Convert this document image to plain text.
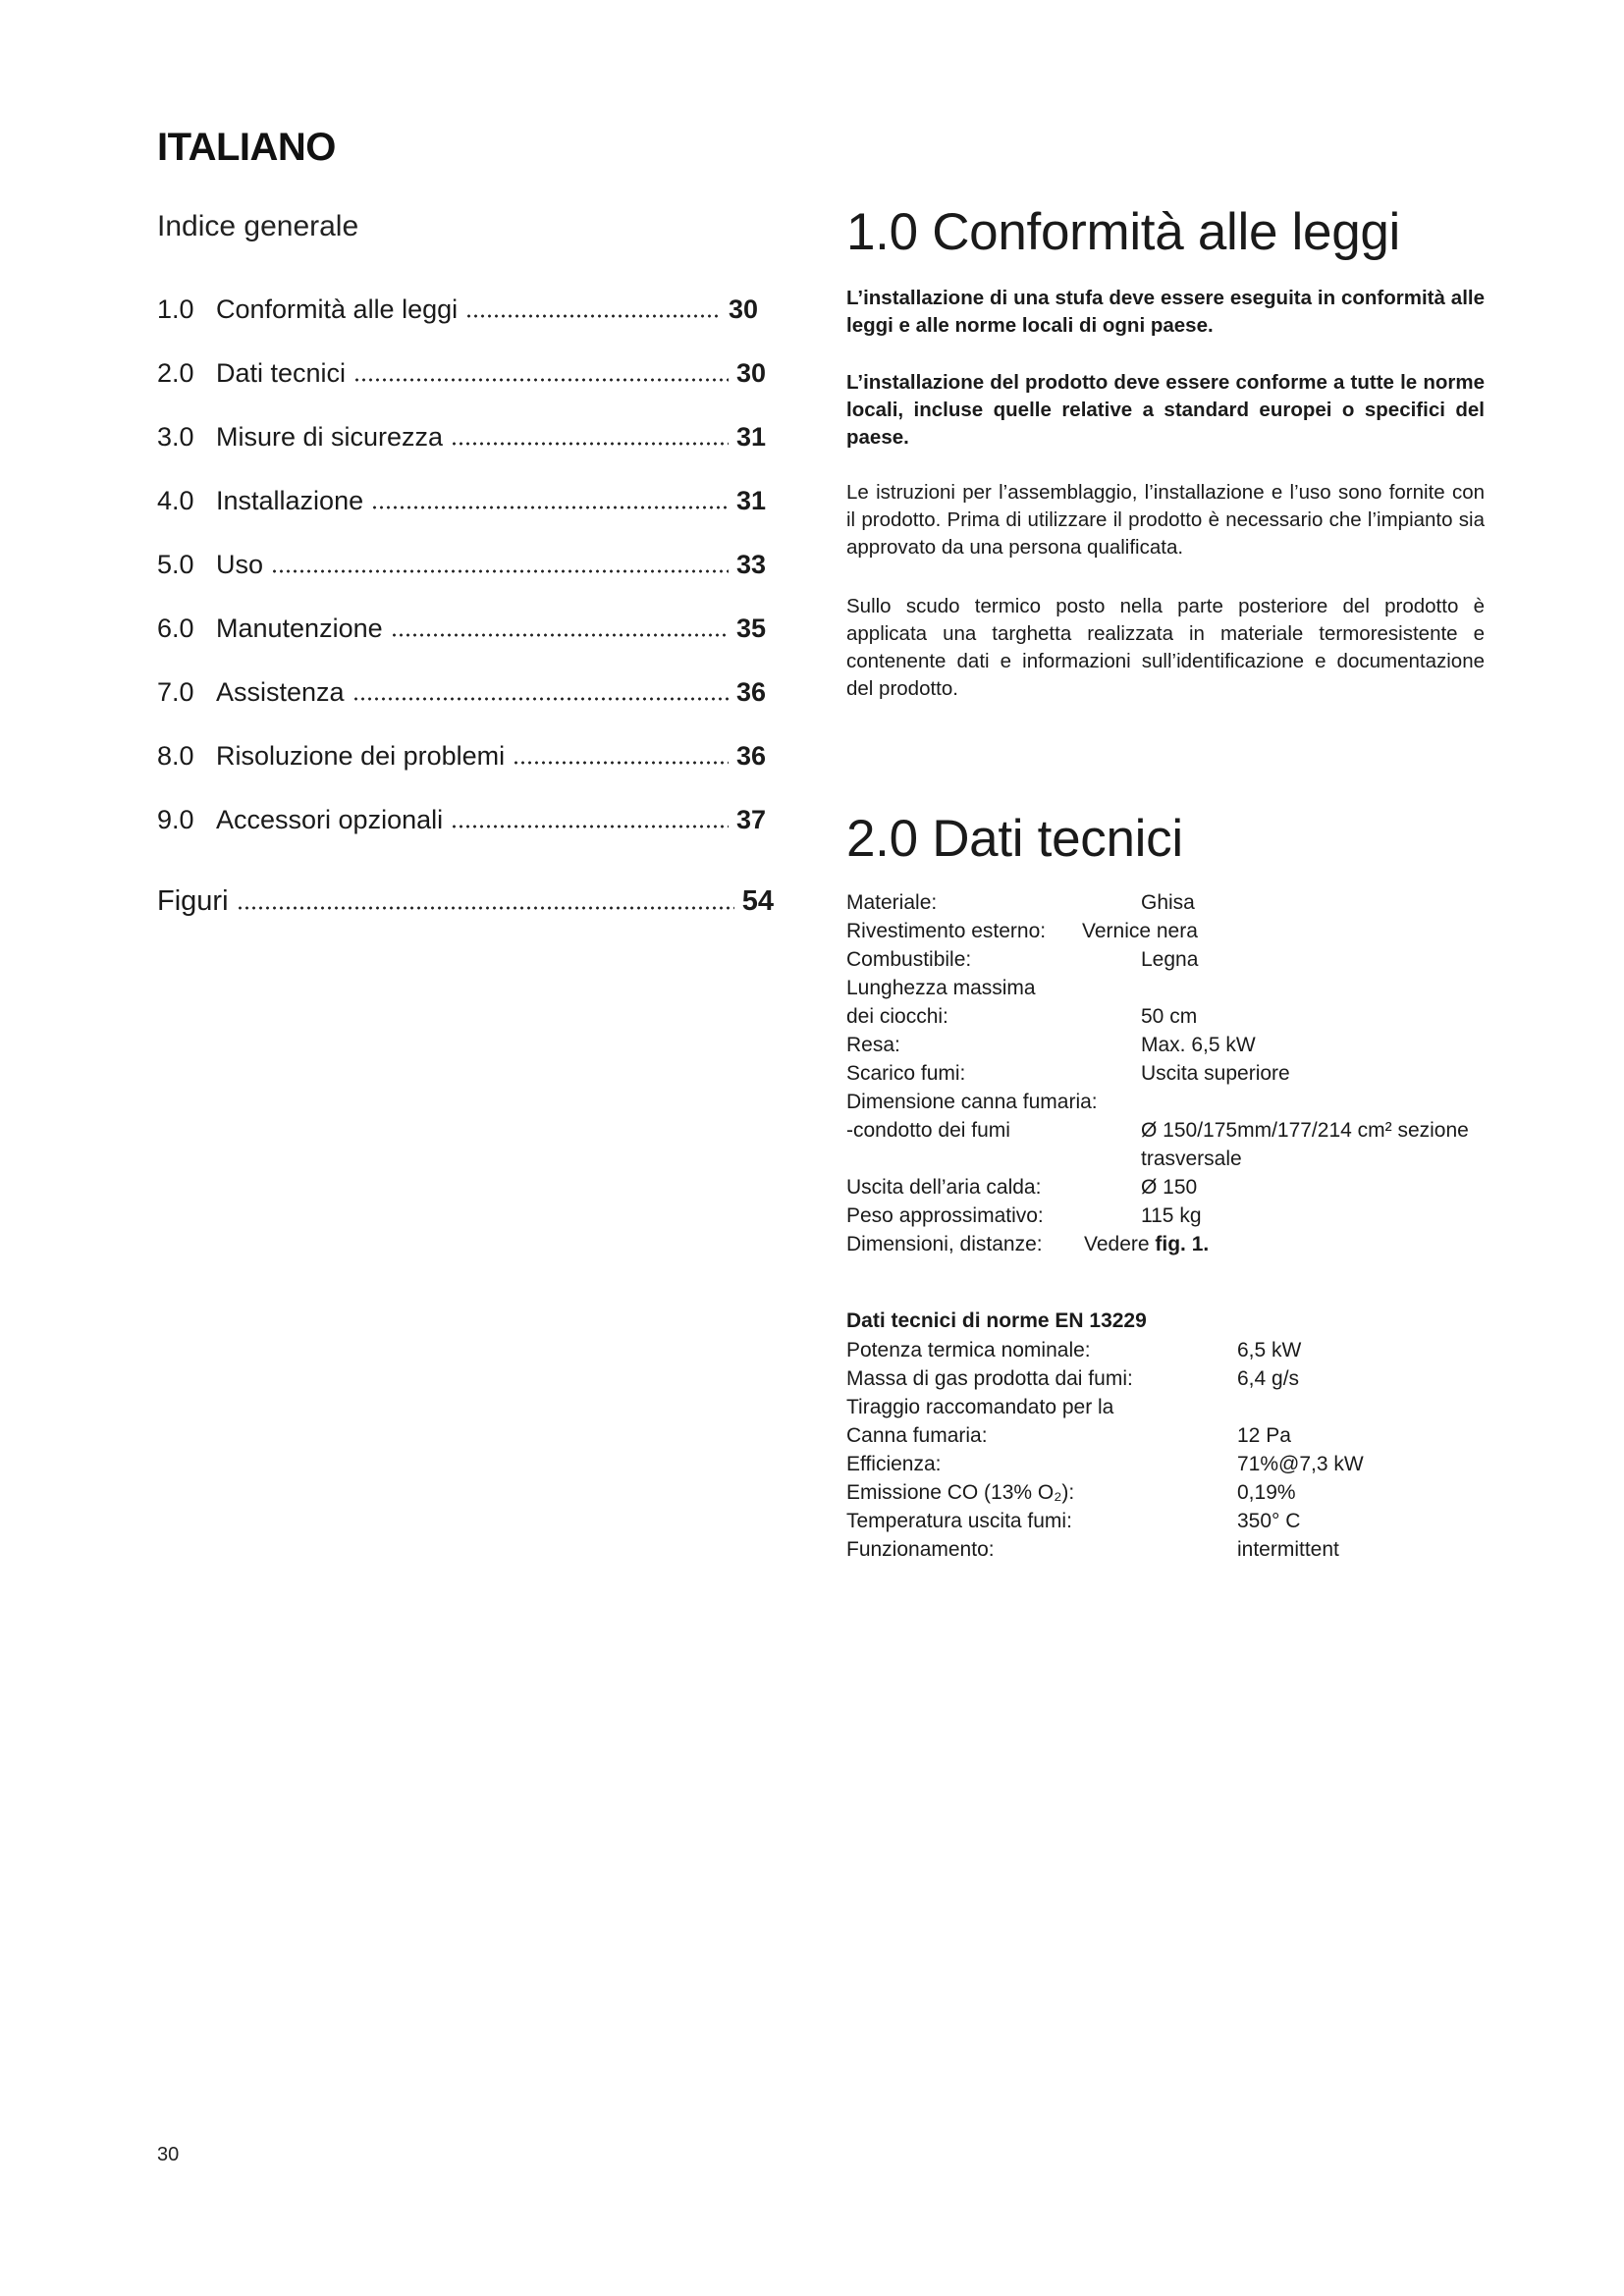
ITALIANO
Indice generale
1.0 Conformità alle leggi	30
2.0 Dati tecnici	30
3.0 Misure di sicurezza	31
4.0 Installazione	31
5.0 Uso	33
6.0 Manutenzione	35
7.0 Assistenza	36
8.0 Risoluzione dei problemi	36
9.0 Accessori opzionali	37
Figuri	54
1.0 Conformità alle leggi
L’installazione di una stufa deve essere eseguita in conformità alle leggi e alle norme locali di ogni paese.
L’installazione del prodotto deve essere conforme a tutte le norme locali, incluse quelle relative a standard europei o specifici del paese.
Le istruzioni per l’assemblaggio, l’installazione e l’uso sono fornite con il prodotto. Prima di utilizzare il prodotto è necessario che l’impianto sia approvato da una persona qualificata.
Sullo scudo termico posto nella parte posteriore del prodotto è applicata una targhetta realizzata in materiale termoresistente e contenente dati e informazioni sull’identificazione e documentazione del prodotto.
2.0 Dati tecnici
Materiale:	Ghisa
Rivestimento esterno: Vernice nera
Combustibile:	Legna
Lunghezza massima
dei ciocchi:	50 cm
Resa:	Max. 6,5 kW
Scarico fumi:	Uscita superiore
Dimensione canna fumaria:
-condotto dei fumi	Ø 150/175mm/177/214 cm² sezione
trasversale
Uscita dell’aria calda:	Ø 150
Peso approssimativo:	115 kg
Dimensioni, distanze: Vedere fig. 1.
Dati tecnici di norme EN 13229
Potenza termica nominale:	6,5 kW
Massa di gas prodotta dai fumi:	6,4 g/s
Tiraggio raccomandato per la
Canna fumaria:	12 Pa
Efficienza:	71%@7,3 kW
Emissione CO (13% O₂):	0,19%
Temperatura uscita fumi:	350° C
Funzionamento:	intermittent
30
